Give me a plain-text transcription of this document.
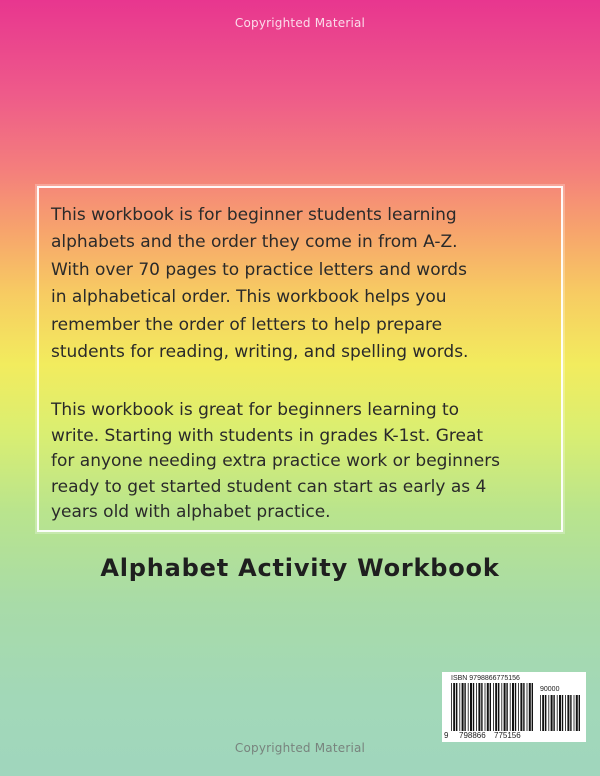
Copyrighted Material

This workbook is for beginner students learning
alphabets and the order they come in from A-Z.
With over 70 pages to practice letters and words
in alphabetical order. This workbook helps you
remember the order of letters to help prepare
students for reading, writing, and spelling words.

This workbook is great for beginners learning to
write. Starting with students in grades K-1st. Great
for anyone needing extra practice work or beginners
ready to get started student can start as early as 4
years old with alphabet practice.

Alphabet Activity Workbook
ISBN 9798866775156
90000
9 798866 775156
Copyrighted Material
